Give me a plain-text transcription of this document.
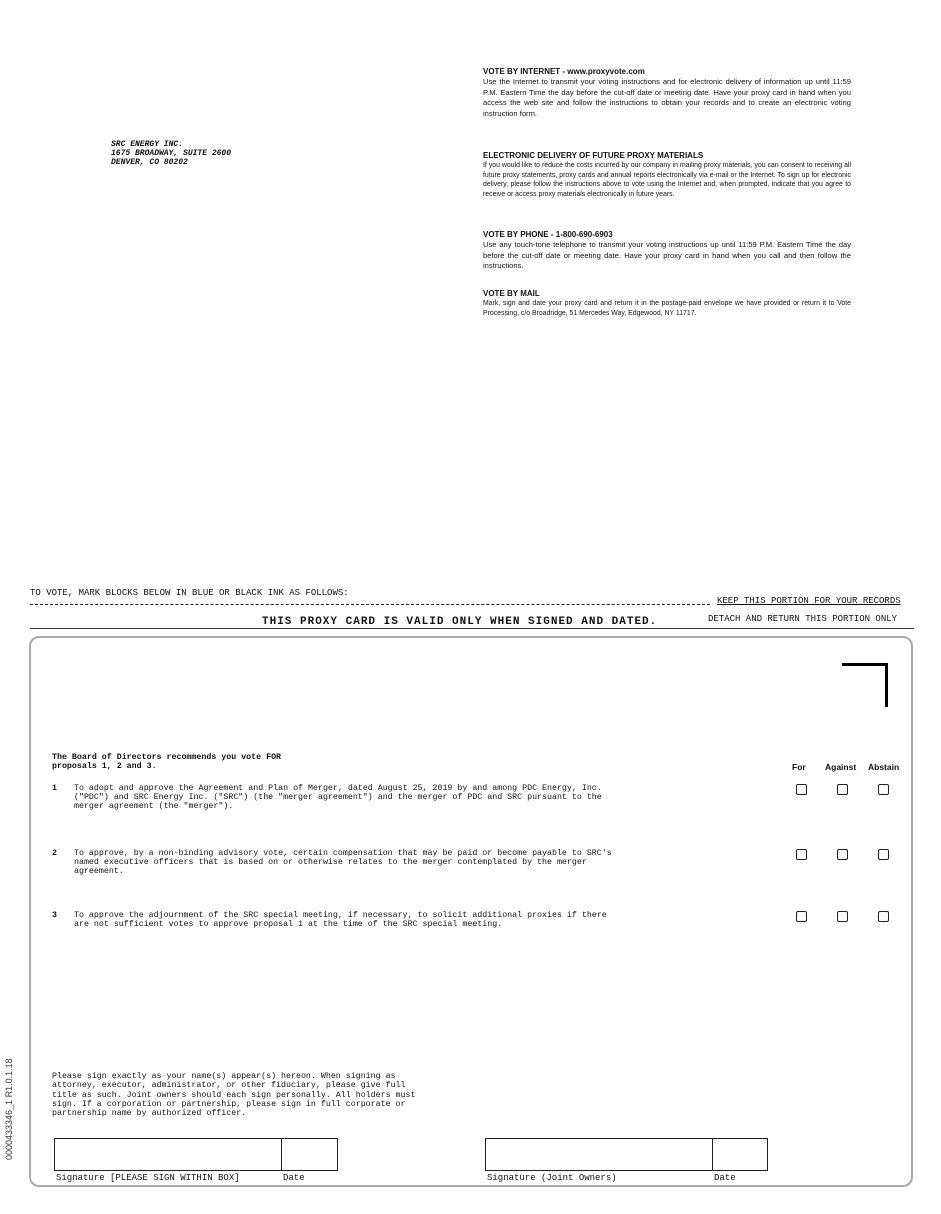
SRC ENERGY INC.
1675 BROADWAY, SUITE 2600
DENVER, CO 80202
VOTE BY INTERNET - www.proxyvote.com

Use the Internet to transmit your voting instructions and for electronic delivery of information up until 11:59 P.M. Eastern Time the day before the cut-off date or meeting date. Have your proxy card in hand when you access the web site and follow the instructions to obtain your records and to create an electronic voting instruction form.

ELECTRONIC DELIVERY OF FUTURE PROXY MATERIALS

If you would like to reduce the costs incurred by our company in mailing proxy materials, you can consent to receiving all future proxy statements, proxy cards and annual reports electronically via e-mail or the Internet. To sign up for electronic delivery, please follow the instructions above to vote using the Internet and, when prompted, indicate that you agree to receive or access proxy materials electronically in future years.

VOTE BY PHONE - 1-800-690-6903

Use any touch-tone telephone to transmit your voting instructions up until 11:59 P.M. Eastern Time the day before the cut-off date or meeting date. Have your proxy card in hand when you call and then follow the instructions.

VOTE BY MAIL

Mark, sign and date your proxy card and return it in the postage-paid envelope we have provided or return it to Vote Processing, c/o Broadridge, 51 Mercedes Way, Edgewood, NY 11717.

TO VOTE, MARK BLOCKS BELOW IN BLUE OR BLACK INK AS FOLLOWS:
KEEP THIS PORTION FOR YOUR RECORDS
THIS PROXY CARD IS VALID ONLY WHEN SIGNED AND DATED.	DETACH AND RETURN THIS PORTION ONLY
The Board of Directors recommends you vote FOR
proposals 1, 2 and 3.	For Against Abstain
1 To adopt and approve the Agreement and Plan of Merger, dated August 25, 2019 by and among PDC Energy, Inc.
("PDC") and SRC Energy Inc. ("SRC") (the "merger agreement") and the merger of PDC and SRC pursuant to the
merger agreement (the "merger").
2 To approve, by a non-binding advisory vote, certain compensation that may be paid or become payable to SRC's
named executive officers that is based on or otherwise relates to the merger contemplated by the merger
agreement.
3 To approve the adjournment of the SRC special meeting, if necessary, to solicit additional proxies if there
are not sufficient votes to approve proposal 1 at the time of the SRC special meeting.
Please sign exactly as your name(s) appear(s) hereon. When signing as
attorney, executor, administrator, or other fiduciary, please give full
title as such. Joint owners should each sign personally. All holders must
sign. If a corporation or partnership, please sign in full corporate or
partnership name by authorized officer.
Signature [PLEASE SIGN WITHIN BOX]	Date	Signature (Joint Owners)	Date
0000433346_1 R1.0.1.18
